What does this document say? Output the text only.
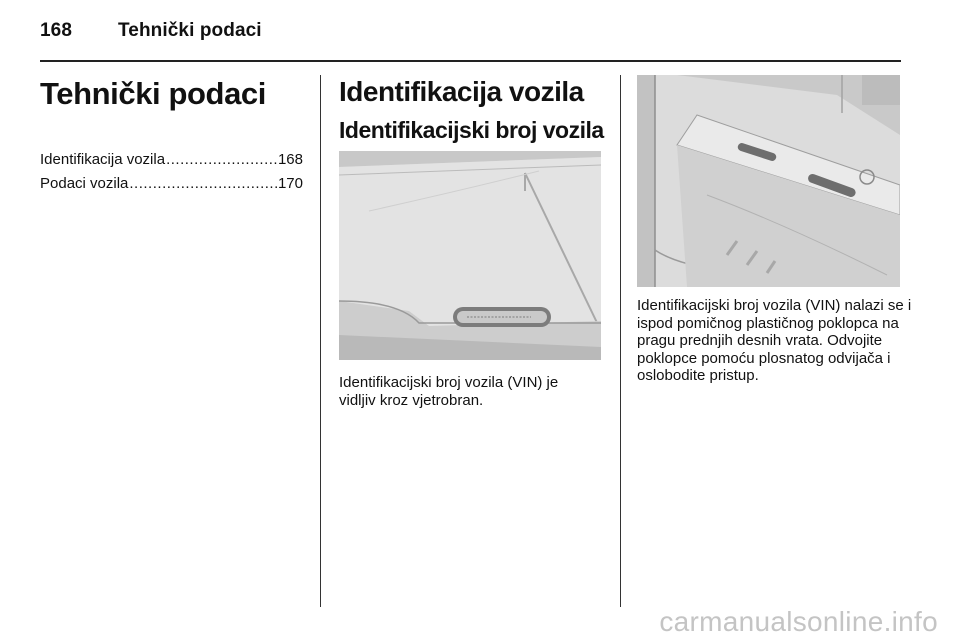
168 Tehnički podaci
Tehnički podaci
Identifikacija vozila .....	168
Podaci vozila .....	170
Identifikacija vozila
Identifikacijski broj vozila
Identifikacijski broj vozila (VIN) je vidljiv kroz vjetrobran.
Identifikacijski broj vozila (VIN) nalazi se i ispod pomičnog plastičnog poklopca na pragu prednjih desnih vrata. Odvojite poklopce pomoću plosnatog odvijača i oslobodite pristup.
carmanualsonline.info
